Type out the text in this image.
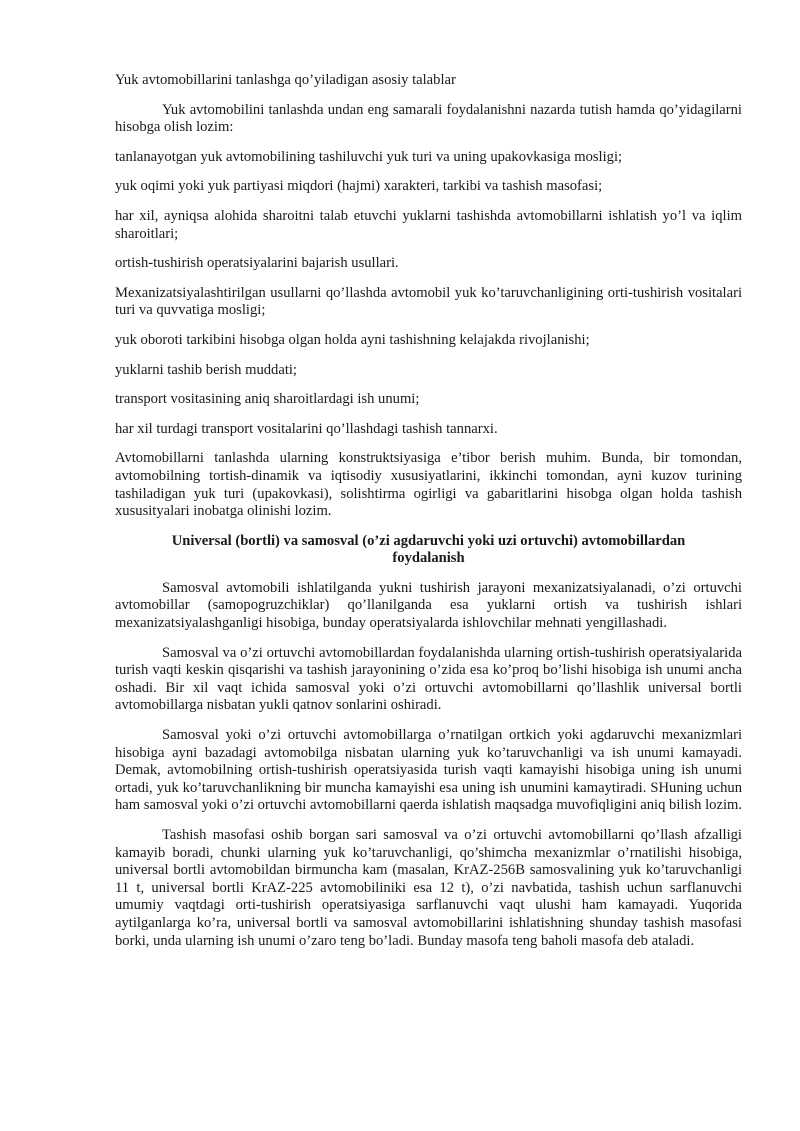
Yuk avtomobillarini tanlashga qo’yiladigan asosiy talablar

Yuk avtomobilini tanlashda undan eng samarali foydalanishni nazarda tutish hamda qo’yidagilarni hisobga olish lozim:

tanlanayotgan yuk avtomobilining tashiluvchi yuk turi va uning upakovkasiga mosligi;

yuk oqimi yoki yuk partiyasi miqdori (hajmi) xarakteri, tarkibi va tashish masofasi;

har xil, ayniqsa alohida sharoitni talab etuvchi yuklarni tashishda avtomobillarni ishlatish yo’l va iqlim sharoitlari;

ortish-tushirish operatsiyalarini bajarish usullari.

Mexanizatsiyalashtirilgan usullarni qo’llashda avtomobil yuk ko’taruvchanligining orti-tushirish vositalari turi va quvvatiga mosligi;

yuk oboroti tarkibini hisobga olgan holda ayni tashishning kelajakda rivojlanishi;

yuklarni tashib berish muddati;

transport vositasining aniq sharoitlardagi ish unumi;

har xil turdagi transport vositalarini qo’llashdagi tashish tannarxi.

Avtomobillarni tanlashda ularning konstruktsiyasiga e’tibor berish muhim. Bunda, bir tomondan, avtomobilning tortish-dinamik va iqtisodiy xususiyatlarini, ikkinchi tomondan, ayni kuzov turining tashiladigan yuk turi (upakovkasi), solishtirma ogirligi va gabaritlarini hisobga olgan holda tashish xususityalari inobatga olinishi lozim.

Universal (bortli) va samosval (o’zi agdaruvchi yoki uzi ortuvchi) avtomobillardan foydalanish

Samosval avtomobili ishlatilganda yukni tushirish jarayoni mexanizatsiyalanadi, o’zi ortuvchi avtomobillar (samopogruzchiklar) qo’llanilganda esa yuklarni ortish va tushirish ishlari mexanizatsiyalashganligi hisobiga, bunday operatsiyalarda ishlovchilar mehnati yengillashadi.

Samosval va o’zi ortuvchi avtomobillardan foydalanishda ularning ortish-tushirish operatsiyalarida turish vaqti keskin qisqarishi va tashish jarayonining o’zida esa ko’proq bo’lishi hisobiga ish unumi ancha oshadi. Bir xil vaqt ichida samosval yoki o’zi ortuvchi avtomobillarni qo’llashlik universal bortli avtomobillarga nisbatan yukli qatnov sonlarini oshiradi.

Samosval yoki o’zi ortuvchi avtomobillarga o’rnatilgan ortkich yoki agdaruvchi mexanizmlari hisobiga ayni bazadagi avtomobilga nisbatan ularning yuk ko’taruvchanligi va ish unumi kamayadi. Demak, avtomobilning ortish-tushirish operatsiyasida turish vaqti kamayishi hisobiga uning ish unumi ortadi, yuk ko’taruvchanlikning bir muncha kamayishi esa uning ish unumini kamaytiradi. SHuning uchun ham samosval yoki o’zi ortuvchi avtomobillarni qaerda ishlatish maqsadga muvofiqligini aniq bilish lozim.

Tashish masofasi oshib borgan sari samosval va o’zi ortuvchi avtomobillarni qo’llash afzalligi kamayib boradi, chunki ularning yuk ko’taruvchanligi, qo’shimcha mexanizmlar o’rnatilishi hisobiga, universal bortli avtomobildan birmuncha kam (masalan, KrAZ-256B samosvalining yuk ko’taruvchanligi 11 t, universal bortli KrAZ-225 avtomobiliniki esa 12 t), o’zi navbatida, tashish uchun sarflanuvchi umumiy vaqtdagi orti-tushirish operatsiyasiga sarflanuvchi vaqt ulushi ham kamayadi. Yuqorida aytilganlarga ko’ra, universal bortli va samosval avtomobillarini ishlatishning shunday tashish masofasi borki, unda ularning ish unumi o’zaro teng bo’ladi. Bunday masofa teng baholi masofa deb ataladi.
